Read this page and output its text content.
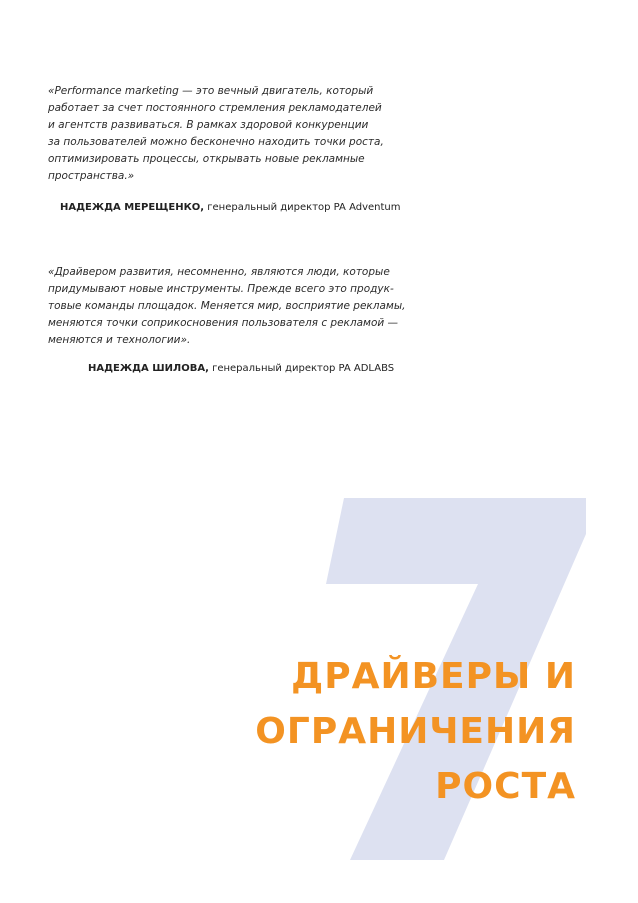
«Performance marketing — это вечный двигатель, который
работает за счет постоянного стремления рекламодателей
и агентств развиваться. В рамках здоровой конкуренции
за пользователей можно бесконечно находить точки роста,
оптимизировать процессы, открывать новые рекламные
пространства.»

НАДЕЖДА МЕРЕЩЕНКО, генеральный директор PA Adventum

«Драйвером развития, несомненно, являются люди, которые
придумывают новые инструменты. Прежде всего это продук-
товые команды площадок. Меняется мир, восприятие рекламы,
меняются точки соприкосновения пользователя с рекламой —
меняются и технологии».

НАДЕЖДА ШИЛОВА, генеральный директор PA ADLABS

ДРАЙВЕРЫ И
ОГРАНИЧЕНИЯ
РОСТА
